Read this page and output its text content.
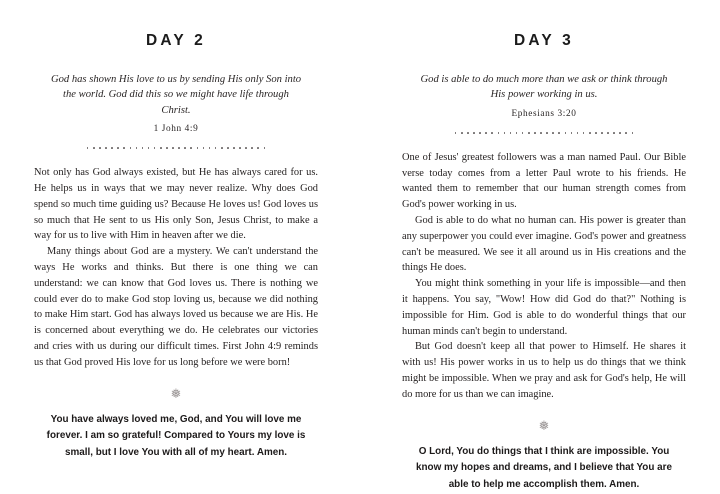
DAY 2
God has shown His love to us by sending His only Son into the world. God did this so we might have life through Christ.
1 John 4:9

Not only has God always existed, but He has always cared for us. He helps us in ways that we may never realize. Why does God spend so much time guiding us? Because He loves us! God loves us so much that He sent to us His only Son, Jesus Christ, to make a way for us to live with Him in heaven after we die.

Many things about God are a mystery. We can't understand the ways He works and thinks. But there is one thing we can understand: we can know that God loves us. There is nothing we could ever do to make God stop loving us, because we did nothing to make Him start. God has always loved us because we are His. He is concerned about everything we do. He celebrates our victories and cries with us during our difficult times. First John 4:9 reminds us that God proved His love for us long before we were born!

❅
You have always loved me, God, and You will love me forever. I am so grateful! Compared to Yours my love is small, but I love You with all of my heart. Amen.
DAY 3
God is able to do much more than we ask or think through His power working in us.
Ephesians 3:20

One of Jesus' greatest followers was a man named Paul. Our Bible verse today comes from a letter Paul wrote to his friends. He wanted them to remember that our human strength comes from God's power working in us.

God is able to do what no human can. His power is greater than any superpower you could ever imagine. God's power and greatness can't be measured. We see it all around us in His creations and the things He does.

You might think something in your life is impossible—and then it happens. You say, "Wow! How did God do that?" Nothing is impossible for Him. God is able to do wonderful things that our human minds can't begin to understand.

But God doesn't keep all that power to Himself. He shares it with us! His power works in us to help us do things that we think might be impossible. When we pray and ask for God's help, He will do more for us than we can imagine.

❅
O Lord, You do things that I think are impossible. You know my hopes and dreams, and I believe that You are able to help me accomplish them. Amen.
